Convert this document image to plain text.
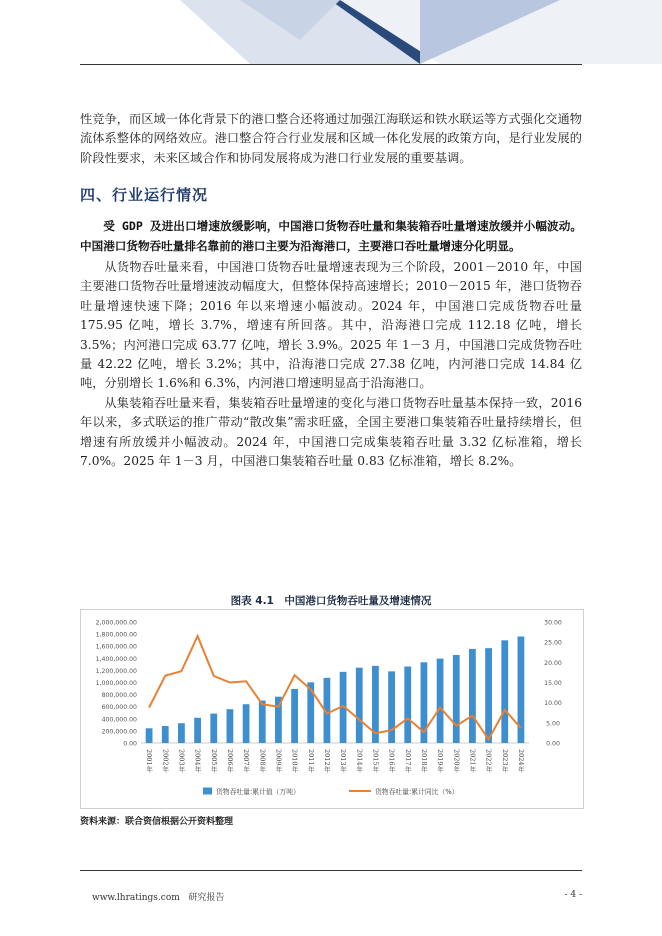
性竞争，而区域一体化背景下的港口整合还将通过加强江海联运和铁水联运等方式强化交通物流体系整体的网络效应。港口整合符合行业发展和区域一体化发展的政策方向，是行业发展的阶段性要求，未来区域合作和协同发展将成为港口行业发展的重要基调。

四、行业运行情况

受 GDP 及进出口增速放缓影响，中国港口货物吞吐量和集装箱吞吐量增速放缓并小幅波动。中国港口货物吞吐量排名靠前的港口主要为沿海港口，主要港口吞吐量增速分化明显。

从货物吞吐量来看，中国港口货物吞吐量增速表现为三个阶段，2001－2010 年，中国主要港口货物吞吐量增速波动幅度大，但整体保持高速增长；2010－2015 年，港口货物吞吐量增速快速下降；2016 年以来增速小幅波动。2024 年，中国港口完成货物吞吐量 175.95 亿吨，增长 3.7%，增速有所回落。其中，沿海港口完成 112.18 亿吨，增长 3.5%；内河港口完成 63.77 亿吨，增长 3.9%。2025 年 1－3 月，中国港口完成货物吞吐量 42.22 亿吨，增长 3.2%；其中，沿海港口完成 27.38 亿吨，内河港口完成 14.84 亿吨，分别增长 1.6%和 6.3%，内河港口增速明显高于沿海港口。

从集装箱吞吐量来看，集装箱吞吐量增速的变化与港口货物吞吐量基本保持一致，2016 年以来，多式联运的推广带动“散改集”需求旺盛，全国主要港口集装箱吞吐量持续增长，但增速有所放缓并小幅波动。2024 年，中国港口完成集装箱吞吐量 3.32 亿标准箱，增长 7.0%。2025 年 1－3 月，中国港口集装箱吞吐量 0.83 亿标准箱，增长 8.2%。

图表 4.1　中国港口货物吞吐量及增速情况
0.00
200,000.00
400,000.00
600,000.00
800,000.00
1,000,000.00
1,200,000.00
1,400,000.00
1,600,000.00
1,800,000.00
2,000,000.00
0.00
5.00
10.00
15.00
20.00
25.00
30.00
2001年 2002年 2003年 2004年 2005年 2006年 2007年 2008年 2009年 2010年 2011年 2012年 2013年 2014年 2015年 2016年 2017年 2018年 2019年 2020年 2021年 2022年 2023年 2024年
货物吞吐量:累计值（万吨）	货物吞吐量:累计同比（%）
资料来源：联合资信根据公开资料整理
www.lhratings.com 研究报告	- 4 -
